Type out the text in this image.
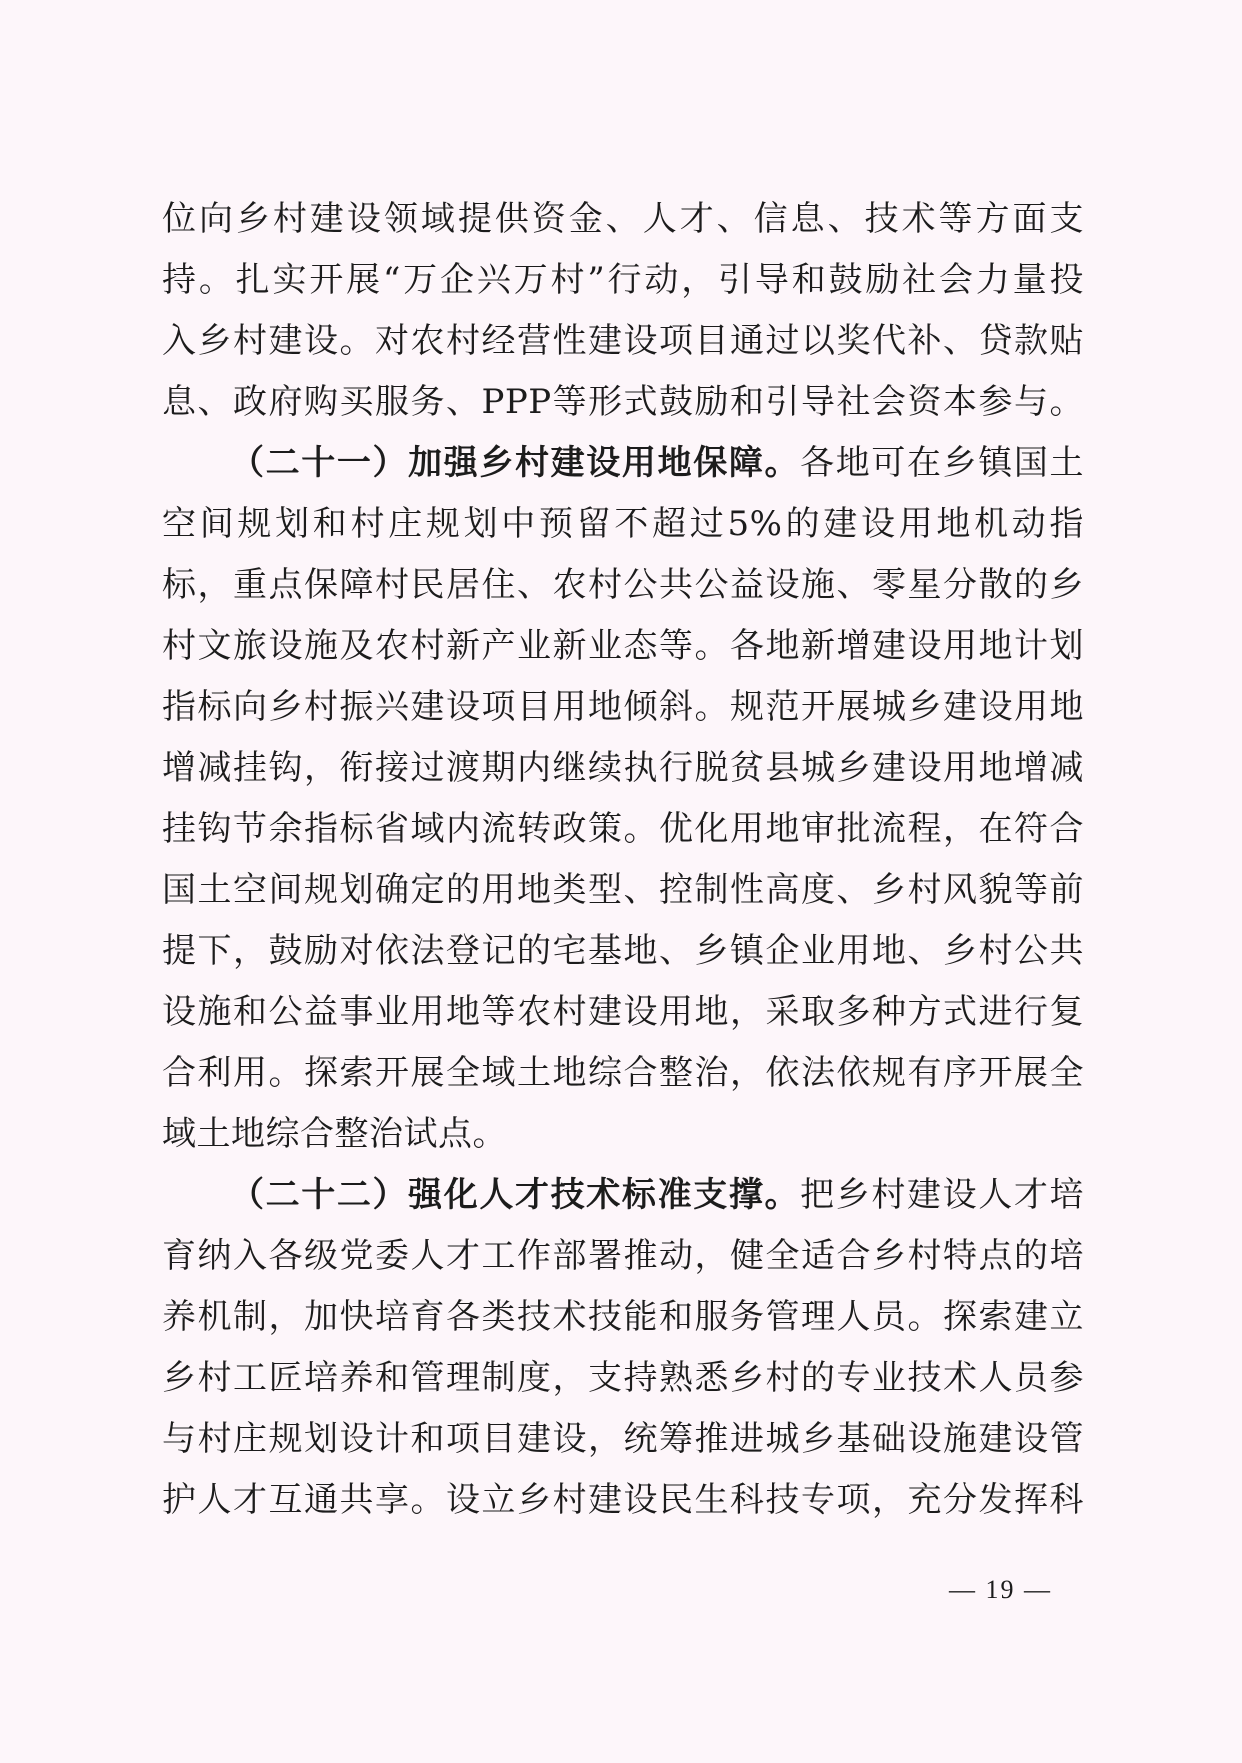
位向乡村建设领域提供资金、人才、信息、技术等方面支
持。扎实开展“万企兴万村”行动，引导和鼓励社会力量投
入乡村建设。对农村经营性建设项目通过以奖代补、贷款贴
息、政府购买服务、PPP等形式鼓励和引导社会资本参与。
（二十一）加强乡村建设用地保障。各地可在乡镇国土
空间规划和村庄规划中预留不超过5%的建设用地机动指
标，重点保障村民居住、农村公共公益设施、零星分散的乡
村文旅设施及农村新产业新业态等。各地新增建设用地计划
指标向乡村振兴建设项目用地倾斜。规范开展城乡建设用地
增减挂钩，衔接过渡期内继续执行脱贫县城乡建设用地增减
挂钩节余指标省域内流转政策。优化用地审批流程，在符合
国土空间规划确定的用地类型、控制性高度、乡村风貌等前
提下，鼓励对依法登记的宅基地、乡镇企业用地、乡村公共
设施和公益事业用地等农村建设用地，采取多种方式进行复
合利用。探索开展全域土地综合整治，依法依规有序开展全
域土地综合整治试点。
（二十二）强化人才技术标准支撑。把乡村建设人才培
育纳入各级党委人才工作部署推动，健全适合乡村特点的培
养机制，加快培育各类技术技能和服务管理人员。探索建立
乡村工匠培养和管理制度，支持熟悉乡村的专业技术人员参
与村庄规划设计和项目建设，统筹推进城乡基础设施建设管
护人才互通共享。设立乡村建设民生科技专项，充分发挥科
— 19 —
